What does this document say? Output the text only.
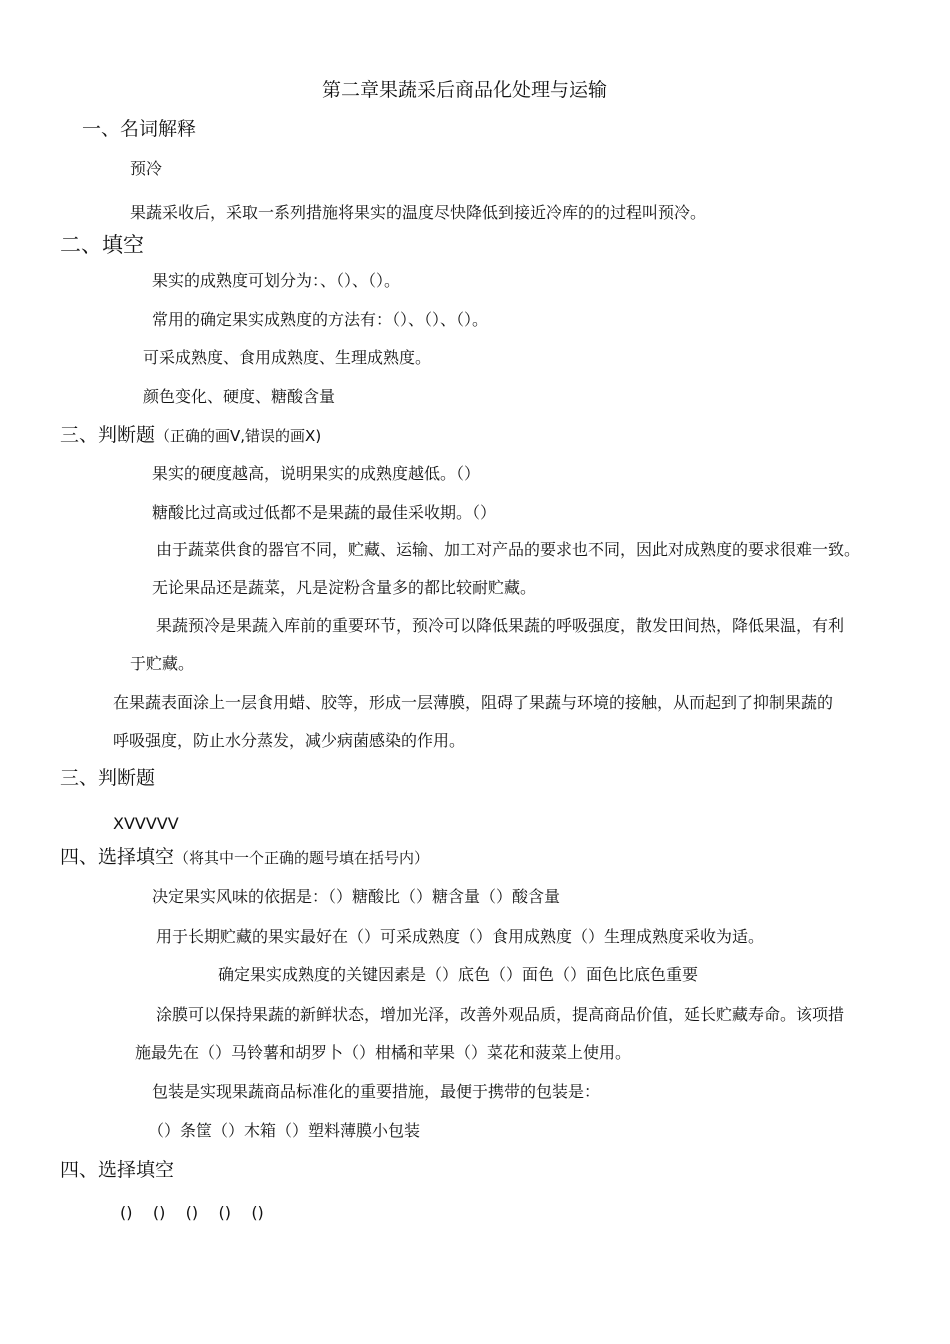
第二章果蔬采后商品化处理与运输
一、名词解释
预冷
果蔬采收后，采取一系列措施将果实的温度尽快降低到接近冷库的的过程叫预冷。
二、填空
果实的成熟度可划分为：、（）、（）。
常用的确定果实成熟度的方法有：（）、（）、（）。
可采成熟度、食用成熟度、生理成熟度。
颜色变化、硬度、糖酸含量
三、判断题（正确的画V,错误的画X)
果实的硬度越高，说明果实的成熟度越低。（）
糖酸比过高或过低都不是果蔬的最佳采收期。（）
由于蔬菜供食的器官不同，贮藏、运输、加工对产品的要求也不同，因此对成熟度的要求很难一致。
无论果品还是蔬菜，凡是淀粉含量多的都比较耐贮藏。
果蔬预冷是果蔬入库前的重要环节，预冷可以降低果蔬的呼吸强度，散发田间热，降低果温，有利
于贮藏。
在果蔬表面涂上一层食用蜡、胶等，形成一层薄膜，阻碍了果蔬与环境的接触，从而起到了抑制果蔬的
呼吸强度，防止水分蒸发，减少病菌感染的作用。
三、判断题
XVVVVV
四、选择填空（将其中一个正确的题号填在括号内）
决定果实风味的依据是：（）糖酸比（）糖含量（）酸含量
用于长期贮藏的果实最好在（）可采成熟度（）食用成熟度（）生理成熟度采收为适。
确定果实成熟度的关键因素是（）底色（）面色（）面色比底色重要
涂膜可以保持果蔬的新鲜状态，增加光泽，改善外观品质，提高商品价值，延长贮藏寿命。该项措
施最先在（）马铃薯和胡罗卜（）柑橘和苹果（）菜花和菠菜上使用。
包装是实现果蔬商品标准化的重要措施，最便于携带的包装是：
（）条筐（）木箱（）塑料薄膜小包装
四、选择填空
()    ()    ()    ()    ()
